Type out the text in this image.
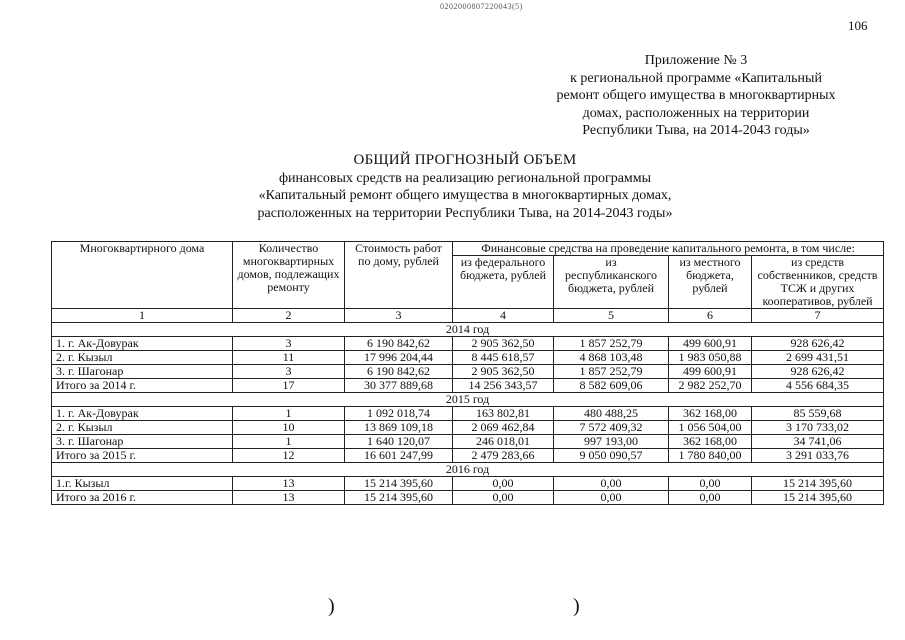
0202000807220043(5)
106
Приложение № 3
к региональной программе «Капитальный
ремонт общего имущества в многоквартирных
домах, расположенных на территории
Республики Тыва, на 2014-2043 годы»
ОБЩИЙ ПРОГНОЗНЫЙ ОБЪЕМ
финансовых средств на реализацию региональной программы
«Капитальный ремонт общего имущества в многоквартирных домах,
расположенных на территории Республики Тыва, на 2014-2043 годы»
Многоквартирного дома	Количество многоквартирных домов, подлежащих ремонту	Стоимость работ по дому, рублей	Финансовые средства на проведение капитального ремонта, в том числе:			
			из федерального бюджета, рублей	из республиканского бюджета, рублей	из местного бюджета, рублей	из средств собственников, средств ТСЖ и других кооперативов, рублей
1	2	3	4	5	6	7
2014 год						
1. г. Ак-Довурак	3	6 190 842,62	2 905 362,50	1 857 252,79	499 600,91	928 626,42
2. г. Кызыл	11	17 996 204,44	8 445 618,57	4 868 103,48	1 983 050,88	2 699 431,51
3. г. Шагонар	3	6 190 842,62	2 905 362,50	1 857 252,79	499 600,91	928 626,42
Итого за 2014 г.	17	30 377 889,68	14 256 343,57	8 582 609,06	2 982 252,70	4 556 684,35
2015 год						
1. г. Ак-Довурак	1	1 092 018,74	163 802,81	480 488,25	362 168,00	85 559,68
2. г. Кызыл	10	13 869 109,18	2 069 462,84	7 572 409,32	1 056 504,00	3 170 733,02
3. г. Шагонар	1	1 640 120,07	246 018,01	997 193,00	362 168,00	34 741,06
Итого за 2015 г.	12	16 601 247,99	2 479 283,66	9 050 090,57	1 780 840,00	3 291 033,76
2016 год						
1.г. Кызыл	13	15 214 395,60	0,00	0,00	0,00	15 214 395,60
Итого за 2016 г.	13	15 214 395,60	0,00	0,00	0,00	15 214 395,60
)	)
